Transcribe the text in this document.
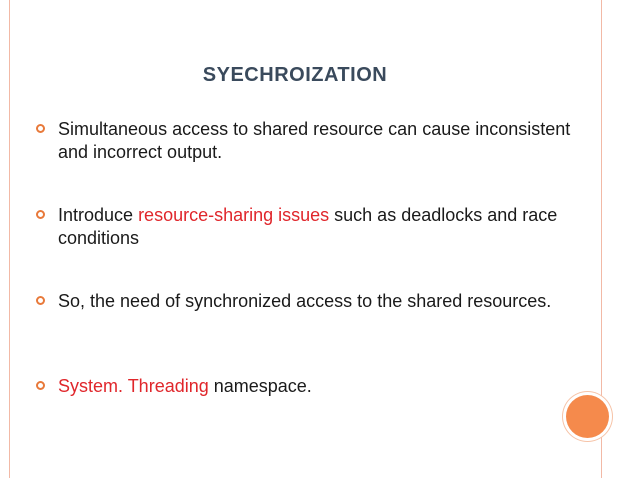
SYECHROIZATION
Simultaneous access to shared resource can cause inconsistent and incorrect output.
Introduce resource-sharing issues such as deadlocks and race conditions
So, the need of synchronized access to the shared resources.
System. Threading namespace.
